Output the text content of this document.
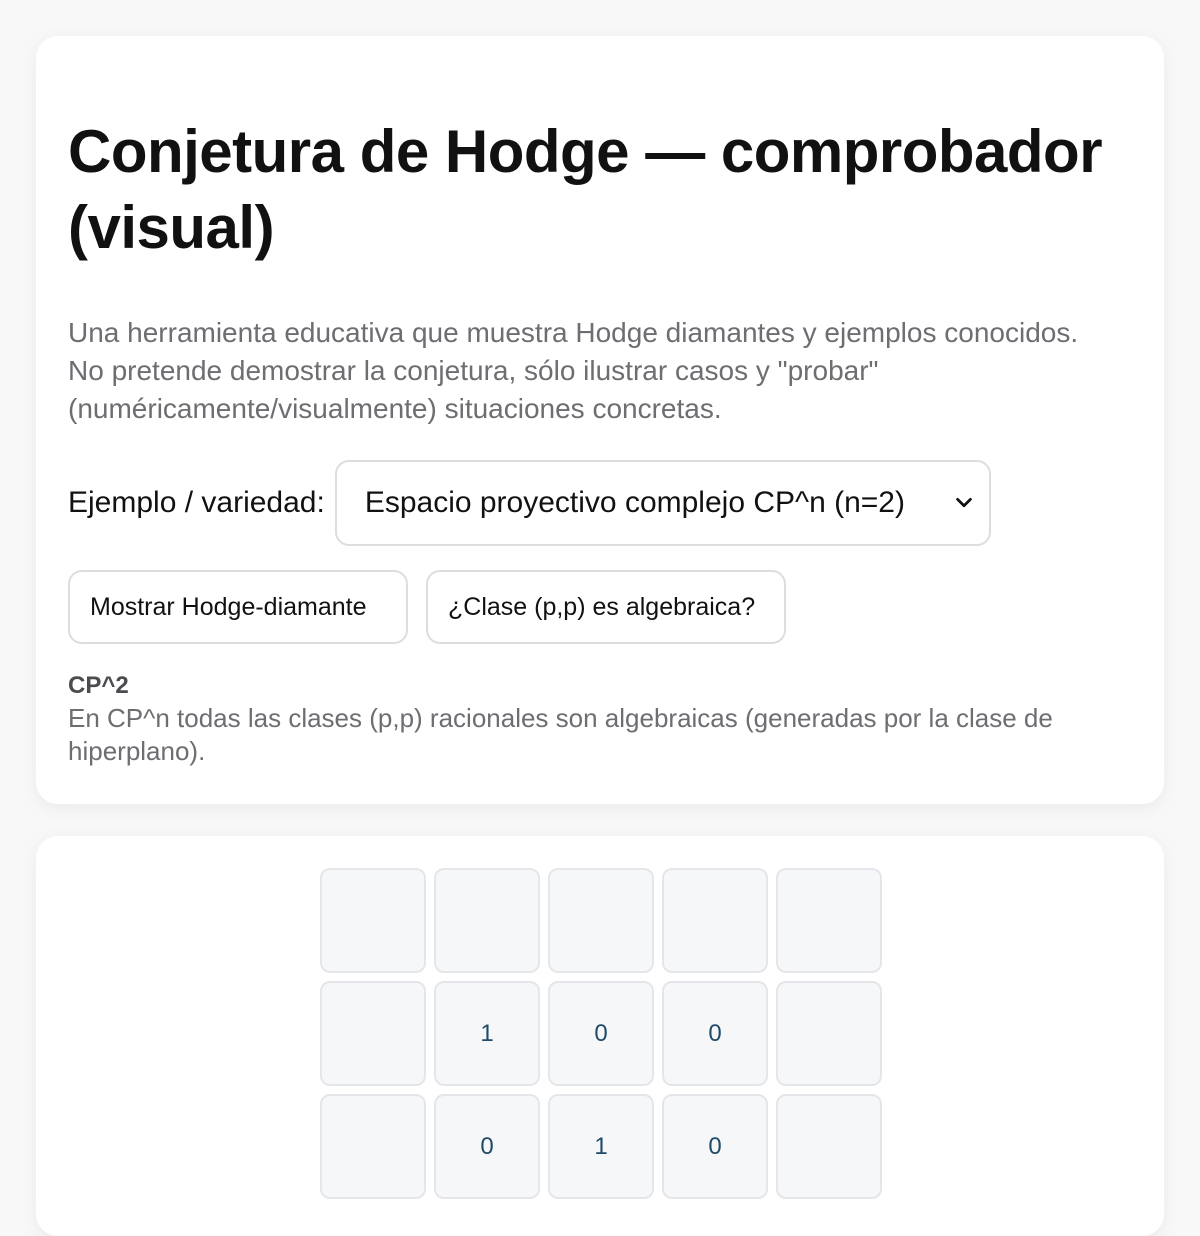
Conjetura de Hodge — comprobador (visual)

Una herramienta educativa que muestra Hodge diamantes y ejemplos conocidos. No pretende demostrar la conjetura, sólo ilustrar casos y "probar" (numéricamente/visualmente) situaciones concretas.

Ejemplo / variedad: Espacio proyectivo complejo CP^n (n=2)
Mostrar Hodge-diamante	¿Clase (p,p) es algebraica?
CP^2
En CP^n todas las clases (p,p) racionales son algebraicas (generadas por la clase de hiperplano).
1	0	0
0	1	0
